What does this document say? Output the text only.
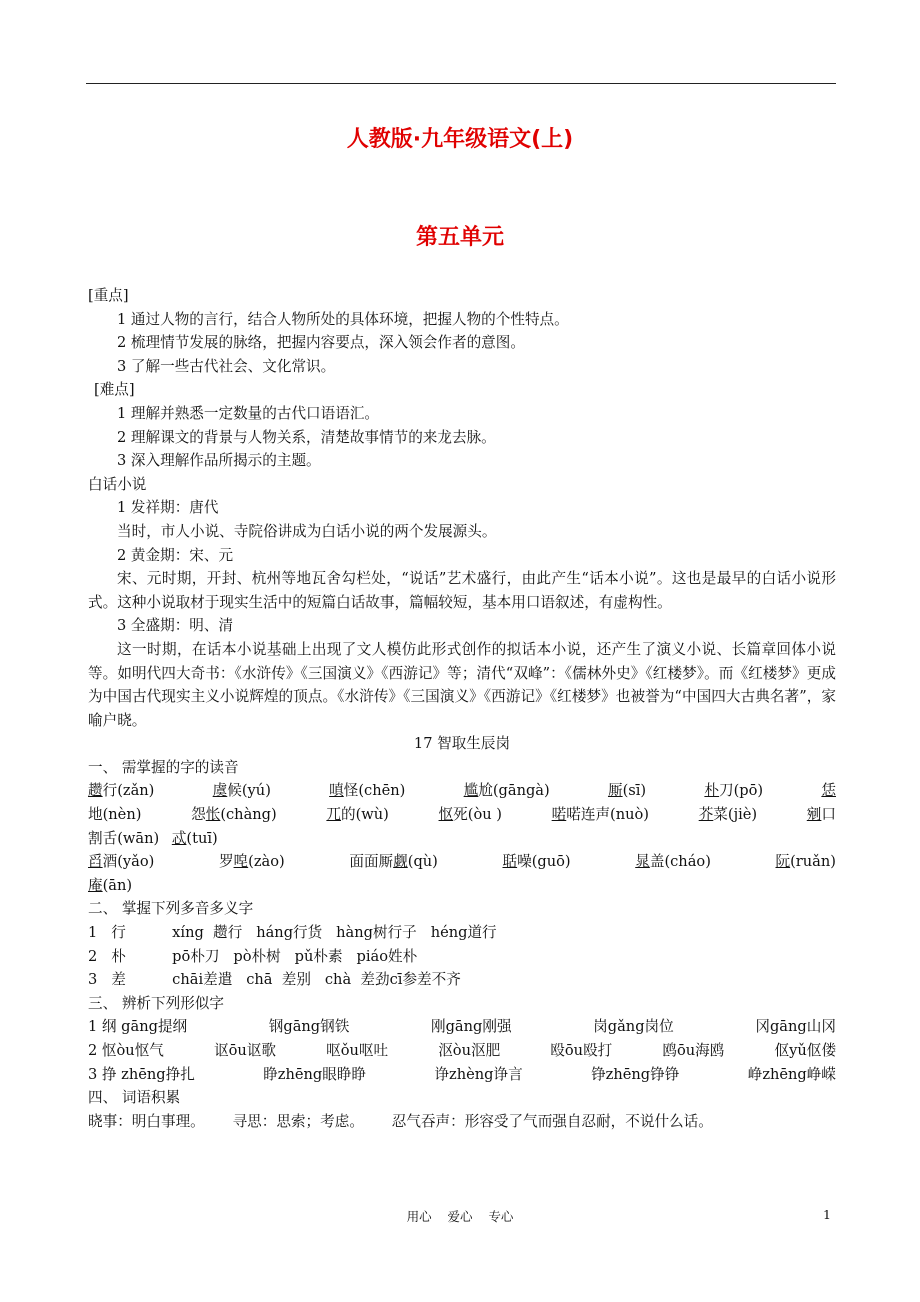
人教版·九年级语文(上)
第五单元
[重点]
1 通过人物的言行，结合人物所处的具体环境，把握人物的个性特点。
2 梳理情节发展的脉络，把握内容要点，深入领会作者的意图。
3 了解一些古代社会、文化常识。
[难点]
1 理解并熟悉一定数量的古代口语语汇。
2 理解课文的背景与人物关系，清楚故事情节的来龙去脉。
3 深入理解作品所揭示的主题。
白话小说
1 发祥期：唐代
当时，市人小说、寺院俗讲成为白话小说的两个发展源头。
2 黄金期：宋、元
宋、元时期，开封、杭州等地瓦舍勾栏处，“说话”艺术盛行，由此产生“话本小说”。这也是最早的白话小说形式。这种小说取材于现实生活中的短篇白话故事，篇幅较短，基本用口语叙述，有虚构性。
3 全盛期：明、清
这一时期，在话本小说基础上出现了文人模仿此形式创作的拟话本小说，还产生了演义小说、长篇章回体小说等。如明代四大奇书：《水浒传》《三国演义》《西游记》等；清代“双峰”：《儒林外史》《红楼梦》。而《红楼梦》更成为中国古代现实主义小说辉煌的顶点。《水浒传》《三国演义》《西游记》《红楼梦》也被誉为“中国四大古典名著”，家喻户晓。
17 智取生辰岗
一、 需掌握的字的读音
趱行(zǎn)	虞候(yú)	嗔怪(chēn)	尴尬(gāngà)	厮(sī)	朴刀(pō)	恁
地(nèn)	怨怅(chàng)	兀的(wù)	怄死(òu )	喏喏连声(nuò)	芥菜(jiè)	剜口
割舌(wān) 忒(tuī)
舀酒(yǎo)	罗唣(zào)	面面厮觑(qù)	聒噪(guō)	晁盖(cháo)	阮(ruǎn)
庵(ān)
二、 掌握下列多音多义字
1   行          xíng  趱行   háng行货   hàng树行子   héng道行
2   朴          pō朴刀   pò朴树   pǔ朴素   piáo姓朴
3   差          chāi差遣   chā  差别   chà  差劲cī参差不齐
三、 辨析下列形似字
1 纲 gāng提纲	钢gāng钢铁	刚gāng刚强	岗gǎng岗位	冈gāng山冈
2 怄òu怄气	讴ōu讴歌	呕ǒu呕吐	沤òu沤肥	殴ōu殴打	鸥ōu海鸥	伛yǔ伛偻
3 挣 zhēng挣扎	睁zhēng眼睁睁	诤zhèng诤言	铮zhēng铮铮	峥zhēng峥嵘
四、 词语积累
晓事：明白事理。      寻思：思索；考虑。      忍气吞声：形容受了气而强自忍耐，不说什么话。
用心    爱心    专心	1
